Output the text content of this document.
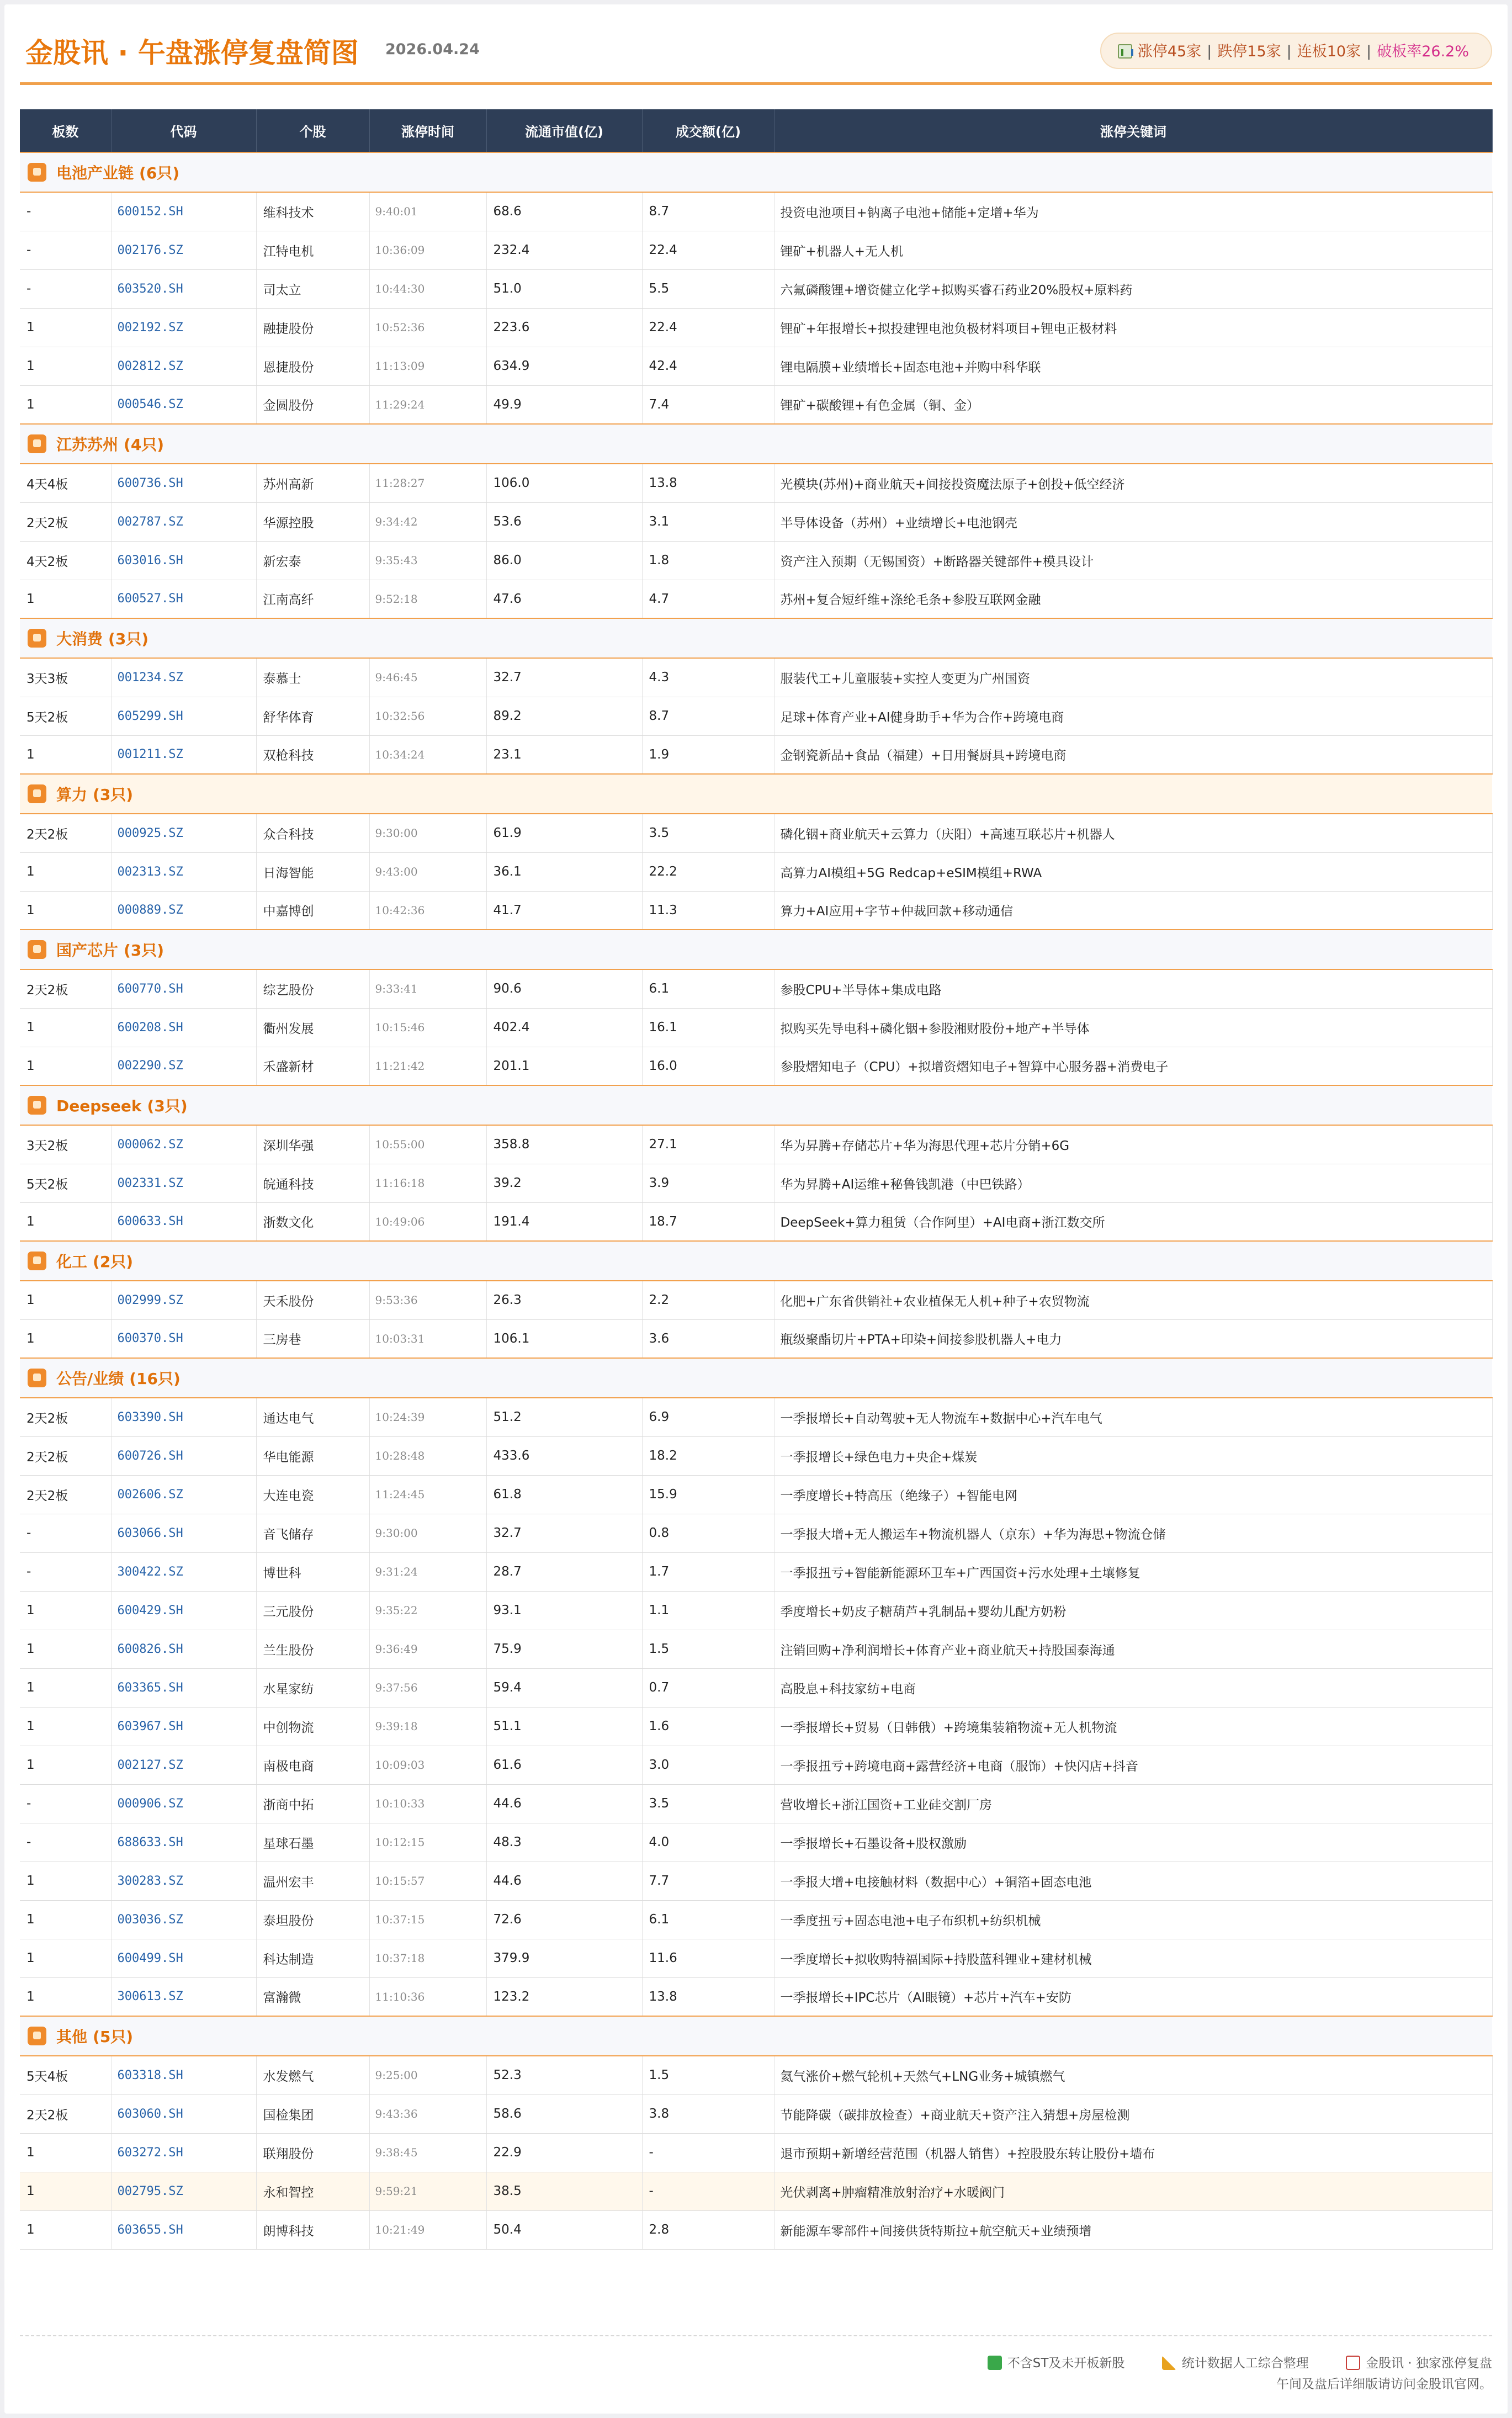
金股讯 · 午盘涨停复盘简图 2026.04.24	涨停45家 | 跌停15家 | 连板10家 | 破板率26.2%
板数	代码	个股	涨停时间	流通市值(亿)	成交额(亿)	涨停关键词
电池产业链 (6只)						
-	600152.SH	维科技术	9:40:01	68.6	8.7	投资电池项目+钠离子电池+储能+定增+华为
-	002176.SZ	江特电机	10:36:09	232.4	22.4	锂矿+机器人+无人机
-	603520.SH	司太立	10:44:30	51.0	5.5	六氟磷酸锂+增资健立化学+拟购买睿石药业20%股权+原料药
1	002192.SZ	融捷股份	10:52:36	223.6	22.4	锂矿+年报增长+拟投建锂电池负极材料项目+锂电正极材料
1	002812.SZ	恩捷股份	11:13:09	634.9	42.4	锂电隔膜+业绩增长+固态电池+并购中科华联
1	000546.SZ	金圆股份	11:29:24	49.9	7.4	锂矿+碳酸锂+有色金属（铜、金）
江苏苏州 (4只)						
4天4板	600736.SH	苏州高新	11:28:27	106.0	13.8	光模块(苏州)+商业航天+间接投资魔法原子+创投+低空经济
2天2板	002787.SZ	华源控股	9:34:42	53.6	3.1	半导体设备（苏州）+业绩增长+电池钢壳
4天2板	603016.SH	新宏泰	9:35:43	86.0	1.8	资产注入预期（无锡国资）+断路器关键部件+模具设计
1	600527.SH	江南高纤	9:52:18	47.6	4.7	苏州+复合短纤维+涤纶毛条+参股互联网金融
大消费 (3只)						
3天3板	001234.SZ	泰慕士	9:46:45	32.7	4.3	服装代工+儿童服装+实控人变更为广州国资
5天2板	605299.SH	舒华体育	10:32:56	89.2	8.7	足球+体育产业+AI健身助手+华为合作+跨境电商
1	001211.SZ	双枪科技	10:34:24	23.1	1.9	金钢瓷新品+食品（福建）+日用餐厨具+跨境电商
算力 (3只)						
2天2板	000925.SZ	众合科技	9:30:00	61.9	3.5	磷化铟+商业航天+云算力（庆阳）+高速互联芯片+机器人
1	002313.SZ	日海智能	9:43:00	36.1	22.2	高算力AI模组+5G Redcap+eSIM模组+RWA
1	000889.SZ	中嘉博创	10:42:36	41.7	11.3	算力+AI应用+字节+仲裁回款+移动通信
国产芯片 (3只)						
2天2板	600770.SH	综艺股份	9:33:41	90.6	6.1	参股CPU+半导体+集成电路
1	600208.SH	衢州发展	10:15:46	402.4	16.1	拟购买先导电科+磷化铟+参股湘财股份+地产+半导体
1	002290.SZ	禾盛新材	11:21:42	201.1	16.0	参股熠知电子（CPU）+拟增资熠知电子+智算中心服务器+消费电子
Deepseek (3只)						
3天2板	000062.SZ	深圳华强	10:55:00	358.8	27.1	华为昇腾+存储芯片+华为海思代理+芯片分销+6G
5天2板	002331.SZ	皖通科技	11:16:18	39.2	3.9	华为昇腾+AI运维+秘鲁钱凯港（中巴铁路）
1	600633.SH	浙数文化	10:49:06	191.4	18.7	DeepSeek+算力租赁（合作阿里）+AI电商+浙江数交所
化工 (2只)						
1	002999.SZ	天禾股份	9:53:36	26.3	2.2	化肥+广东省供销社+农业植保无人机+种子+农贸物流
1	600370.SH	三房巷	10:03:31	106.1	3.6	瓶级聚酯切片+PTA+印染+间接参股机器人+电力
公告/业绩 (16只)						
2天2板	603390.SH	通达电气	10:24:39	51.2	6.9	一季报增长+自动驾驶+无人物流车+数据中心+汽车电气
2天2板	600726.SH	华电能源	10:28:48	433.6	18.2	一季报增长+绿色电力+央企+煤炭
2天2板	002606.SZ	大连电瓷	11:24:45	61.8	15.9	一季度增长+特高压（绝缘子）+智能电网
-	603066.SH	音飞储存	9:30:00	32.7	0.8	一季报大增+无人搬运车+物流机器人（京东）+华为海思+物流仓储
-	300422.SZ	博世科	9:31:24	28.7	1.7	一季报扭亏+智能新能源环卫车+广西国资+污水处理+土壤修复
1	600429.SH	三元股份	9:35:22	93.1	1.1	季度增长+奶皮子糖葫芦+乳制品+婴幼儿配方奶粉
1	600826.SH	兰生股份	9:36:49	75.9	1.5	注销回购+净利润增长+体育产业+商业航天+持股国泰海通
1	603365.SH	水星家纺	9:37:56	59.4	0.7	高股息+科技家纺+电商
1	603967.SH	中创物流	9:39:18	51.1	1.6	一季报增长+贸易（日韩俄）+跨境集装箱物流+无人机物流
1	002127.SZ	南极电商	10:09:03	61.6	3.0	一季报扭亏+跨境电商+露营经济+电商（服饰）+快闪店+抖音
-	000906.SZ	浙商中拓	10:10:33	44.6	3.5	营收增长+浙江国资+工业硅交割厂房
-	688633.SH	星球石墨	10:12:15	48.3	4.0	一季报增长+石墨设备+股权激励
1	300283.SZ	温州宏丰	10:15:57	44.6	7.7	一季报大增+电接触材料（数据中心）+铜箔+固态电池
1	003036.SZ	泰坦股份	10:37:15	72.6	6.1	一季度扭亏+固态电池+电子布织机+纺织机械
1	600499.SH	科达制造	10:37:18	379.9	11.6	一季度增长+拟收购特福国际+持股蓝科锂业+建材机械
1	300613.SZ	富瀚微	11:10:36	123.2	13.8	一季报增长+IPC芯片（AI眼镜）+芯片+汽车+安防
其他 (5只)						
5天4板	603318.SH	水发燃气	9:25:00	52.3	1.5	氦气涨价+燃气轮机+天然气+LNG业务+城镇燃气
2天2板	603060.SH	国检集团	9:43:36	58.6	3.8	节能降碳（碳排放检查）+商业航天+资产注入猜想+房屋检测
1	603272.SH	联翔股份	9:38:45	22.9	-	退市预期+新增经营范围（机器人销售）+控股股东转让股份+墙布
1	002795.SZ	永和智控	9:59:21	38.5	-	光伏剥离+肿瘤精准放射治疗+水暖阀门
1	603655.SH	朗博科技	10:21:49	50.4	2.8	新能源车零部件+间接供货特斯拉+航空航天+业绩预增
不含ST及未开板新股	统计数据人工综合整理	金股讯 · 独家涨停复盘
午间及盘后详细版请访问金股讯官网。
